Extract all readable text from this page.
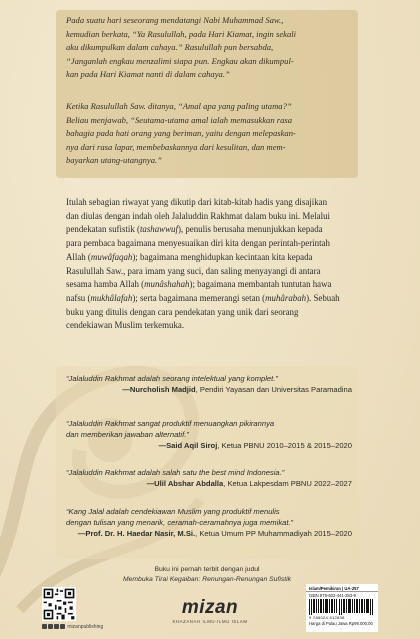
Pada suatu hari seseorang mendatangi Nabi Muhammad Saw.,
kemudian berkata, “Ya Rasulullah, pada Hari Kiamat, ingin sekali
aku dikumpulkan dalam cahaya.” Rasulullah pun bersabda,
“Janganlah engkau menzalimi siapa pun. Engkau akan dikumpul-
kan pada Hari Kiamat nanti di dalam cahaya.”
Ketika Rasulullah Saw. ditanya, “Amal apa yang paling utama?”
Beliau menjawab, “Seutama-utama amal ialah memasukkan rasa
bahagia pada hati orang yang beriman, yaitu dengan melepaskan-
nya dari rasa lapar, membebaskannya dari kesulitan, dan mem-
bayarkan utang-utangnya.”
Itulah sebagian riwayat yang dikutip dari kitab-kitab hadis yang disajikan
dan diulas dengan indah oleh Jalaluddin Rakhmat dalam buku ini. Melalui
pendekatan sufistik (tashawwuf), penulis berusaha menunjukkan kepada
para pembaca bagaimana menyesuaikan diri kita dengan perintah-perintah
Allah (muwâfaqah); bagaimana menghidupkan kecintaan kita kepada
Rasulullah Saw., para imam yang suci, dan saling menyayangi di antara
sesama hamba Allah (munâshahah); bagaimana membantah tuntutan hawa
nafsu (mukhâlafah); serta bagaimana memerangi setan (muhârabah). Sebuah
buku yang ditulis dengan cara pendekatan yang unik dari seorang
cendekiawan Muslim terkemuka.
“Jalaluddin Rakhmat adalah seorang intelektual yang komplet.”
—Nurcholish Madjid, Pendiri Yayasan dan Universitas Paramadina
“Jalaluddin Rakhmat sangat produktif menuangkan pikirannya
dan memberikan jawaban alternatif.”
—Said Aqil Siroj, Ketua PBNU 2010–2015 & 2015–2020
“Jalaluddin Rakhmat adalah salah satu the best mind Indonesia.”
—Ulil Abshar Abdalla, Ketua Lakpesdam PBNU 2022–2027
“Kang Jalal adalah cendekiawan Muslim yang produktif menulis
dengan tulisan yang menarik, ceramah-ceramahnya juga memikat.”
—Prof. Dr. H. Haedar Nasir, M.Si., Ketua Umum PP Muhammadiyah 2015–2020
Buku ini pernah terbit dengan judul
Membuka Tirai Kegaiban: Renungan-Renungan Sufistik
mizanpublishing
mizan
KHAZANAH ILMU-ILMU ISLAM
Islam/Pemikiran | UA-257
ISBN 978-602-441-283-8
9 786024 412838
Harga di Pulau Jawa Rp99.000,00
